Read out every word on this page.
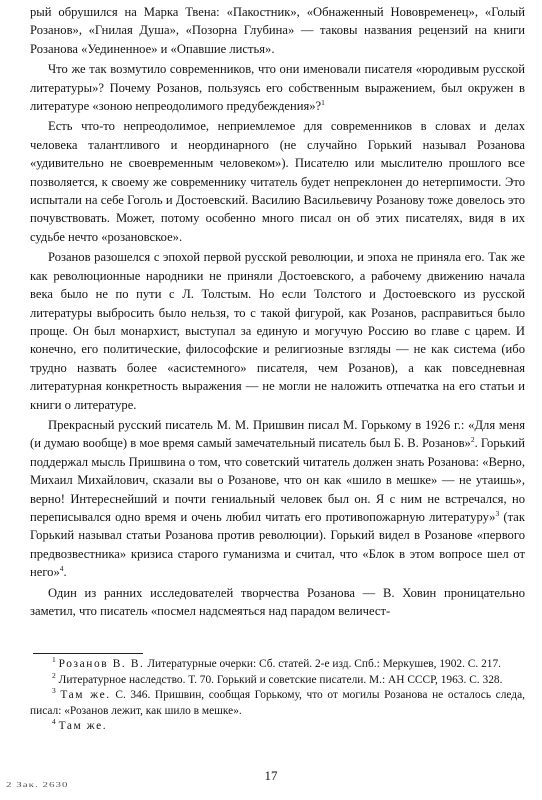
рый обрушился на Марка Твена: «Пакостник», «Обнаженный Нововременец», «Голый Розанов», «Гнилая Душа», «Позорна Глубина» — таковы названия рецензий на книги Розанова «Уединенное» и «Опавшие листья».

Что же так возмутило современников, что они именовали писателя «юродивым русской литературы»? Почему Розанов, пользуясь его собственным выражением, был окружен в литературе «зоною непреодолимого предубеждения»?$^1$

Есть что-то непреодолимое, неприемлемое для современников в словах и делах человека талантливого и неординарного (не случайно Горький называл Розанова «удивительно не своевременным человеком»). Писателю или мыслителю прошлого все позволяется, к своему же современнику читатель будет непреклонен до нетерпимости. Это испытали на себе Гоголь и Достоевский. Василию Васильевичу Розанову тоже довелось это почувствовать. Может, потому особенно много писал он об этих писателях, видя в их судьбе нечто «розановское».

Розанов разошелся с эпохой первой русской революции, и эпоха не приняла его. Так же как революционные народники не приняли Достоевского, а рабочему движению начала века было не по пути с Л. Толстым. Но если Толстого и Достоевского из русской литературы выбросить было нельзя, то с такой фигурой, как Розанов, расправиться было проще. Он был монархист, выступал за единую и могучую Россию во главе с царем. И конечно, его политические, философские и религиозные взгляды — не как система (ибо трудно назвать более «асистемного» писателя, чем Розанов), а как повседневная литературная конкретность выражения — не могли не наложить отпечатка на его статьи и книги о литературе.

Прекрасный русский писатель М. М. Пришвин писал М. Горькому в 1926 г.: «Для меня (и думаю вообще) в мое время самый замечательный писатель был Б. В. Розанов»$^2$. Горький поддержал мысль Пришвина о том, что советский читатель должен знать Розанова: «Верно, Михаил Михайлович, сказали вы о Розанове, что он как «шило в мешке» — не утаишь», верно! Интереснейший и почти гениальный человек был он. Я с ним не встречался, но переписывался одно время и очень любил читать его противопожарную литературу»$^3$ (так Горький называл статьи Розанова против революции). Горький видел в Розанове «первого предвозвестника» кризиса старого гуманизма и считал, что «Блок в этом вопросе шел от него»$^4$.

Один из ранних исследователей творчества Розанова — В. Ховин проницательно заметил, что писатель «посмел надсмеяться над парадом величест-

$^1$ Розанов В. В. Литературные очерки: Сб. статей. 2-е изд. Спб.: Меркушев, 1902. С. 217.

$^2$ Литературное наследство. Т. 70. Горький и советские писатели. М.: АН СССР, 1963. С. 328.

$^3$ Там же. С. 346. Пришвин, сообщая Горькому, что от могилы Розанова не осталось следа, писал: «Розанов лежит, как шило в мешке».

$^4$ Там же.

2 Зак. 2630
17
